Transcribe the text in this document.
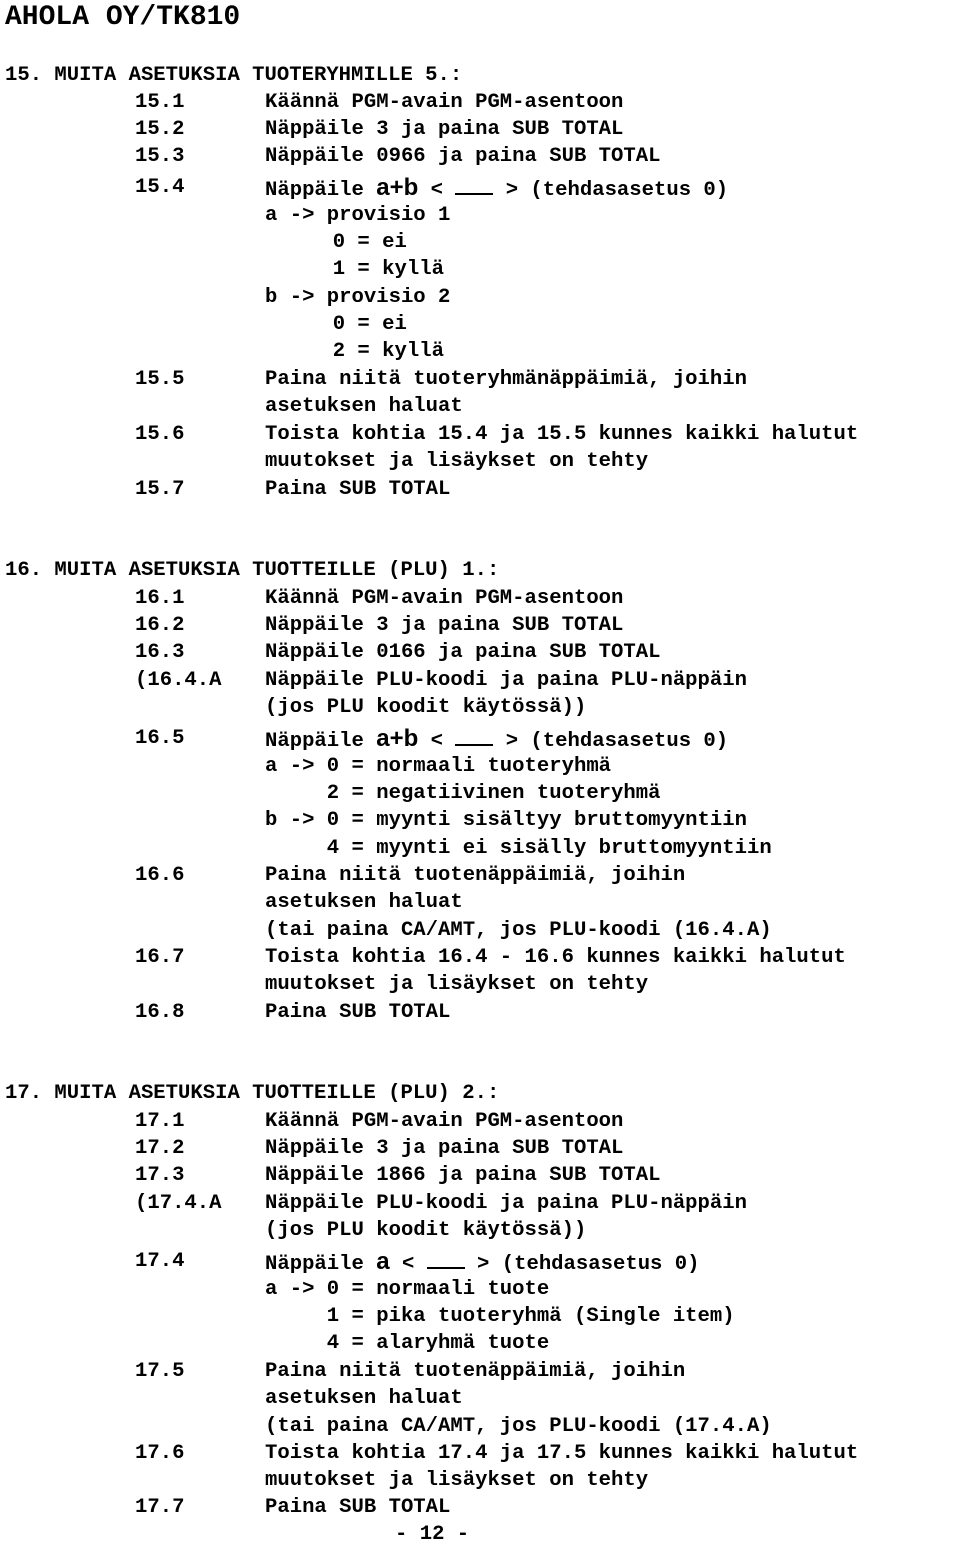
AHOLA OY/TK810
15. MUITA ASETUKSIA TUOTERYHMILLE 5.:
15.1	Käännä PGM-avain PGM-asentoon
15.2	Näppäile 3 ja paina SUB TOTAL
15.3	Näppäile 0966 ja paina SUB TOTAL
15.4	Näppäile a+b <  > (tehdasasetus 0)
a -> provisio 1
0 = ei
1 = kyllä
b -> provisio 2
0 = ei
2 = kyllä
15.5	Paina niitä tuoteryhmänäppäimiä, joihin
asetuksen haluat
15.6	Toista kohtia 15.4 ja 15.5 kunnes kaikki halutut
muutokset ja lisäykset on tehty
15.7	Paina SUB TOTAL
16. MUITA ASETUKSIA TUOTTEILLE (PLU) 1.:
16.1	Käännä PGM-avain PGM-asentoon
16.2	Näppäile 3 ja paina SUB TOTAL
16.3	Näppäile 0166 ja paina SUB TOTAL
(16.4.A Näppäile PLU-koodi ja paina PLU-näppäin
(jos PLU koodit käytössä))
16.5	Näppäile a+b <  > (tehdasasetus 0)
a -> 0 = normaali tuoteryhmä
2 = negatiivinen tuoteryhmä
b -> 0 = myynti sisältyy bruttomyyntiin
4 = myynti ei sisälly bruttomyyntiin
16.6	Paina niitä tuotenäppäimiä, joihin
asetuksen haluat
(tai paina CA/AMT, jos PLU-koodi (16.4.A)
16.7	Toista kohtia 16.4 - 16.6 kunnes kaikki halutut
muutokset ja lisäykset on tehty
16.8	Paina SUB TOTAL
17. MUITA ASETUKSIA TUOTTEILLE (PLU) 2.:
17.1	Käännä PGM-avain PGM-asentoon
17.2	Näppäile 3 ja paina SUB TOTAL
17.3	Näppäile 1866 ja paina SUB TOTAL
(17.4.A Näppäile PLU-koodi ja paina PLU-näppäin
(jos PLU koodit käytössä))
17.4	Näppäile a <  > (tehdasasetus 0)
a -> 0 = normaali tuote
1 = pika tuoteryhmä (Single item)
4 = alaryhmä tuote
17.5	Paina niitä tuotenäppäimiä, joihin
asetuksen haluat
(tai paina CA/AMT, jos PLU-koodi (17.4.A)
17.6	Toista kohtia 17.4 ja 17.5 kunnes kaikki halutut
muutokset ja lisäykset on tehty
17.7	Paina SUB TOTAL
- 12 -
